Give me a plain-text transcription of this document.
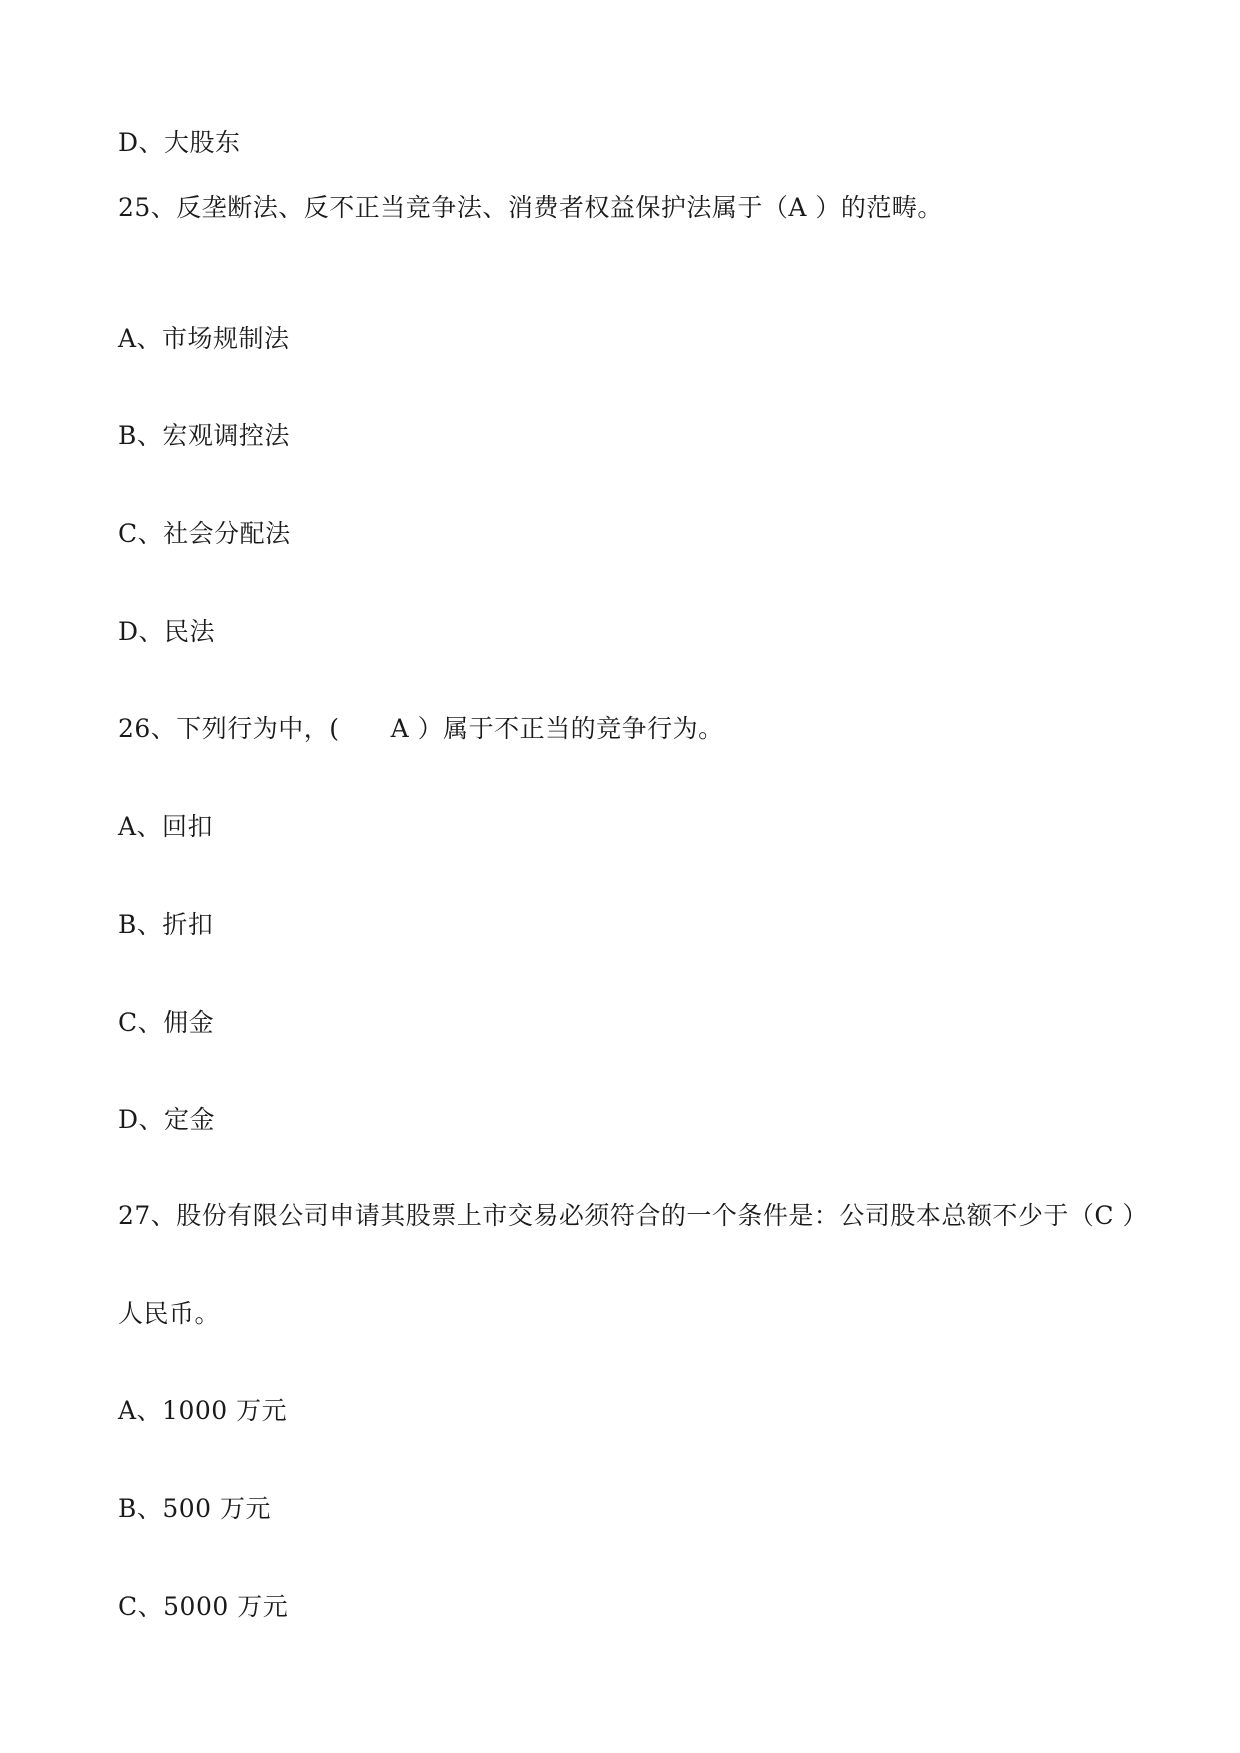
D、大股东
25、反垄断法、反不正当竞争法、消费者权益保护法属于（A ）的范畴。
A、市场规制法
B、宏观调控法
C、社会分配法
D、民法
26、下列行为中，(　　A ）属于不正当的竞争行为。
A、回扣
B、折扣
C、佣金
D、定金
27、股份有限公司申请其股票上市交易必须符合的一个条件是：公司股本总额不少于（C ）
人民币。
A、1000 万元
B、500 万元
C、5000 万元
